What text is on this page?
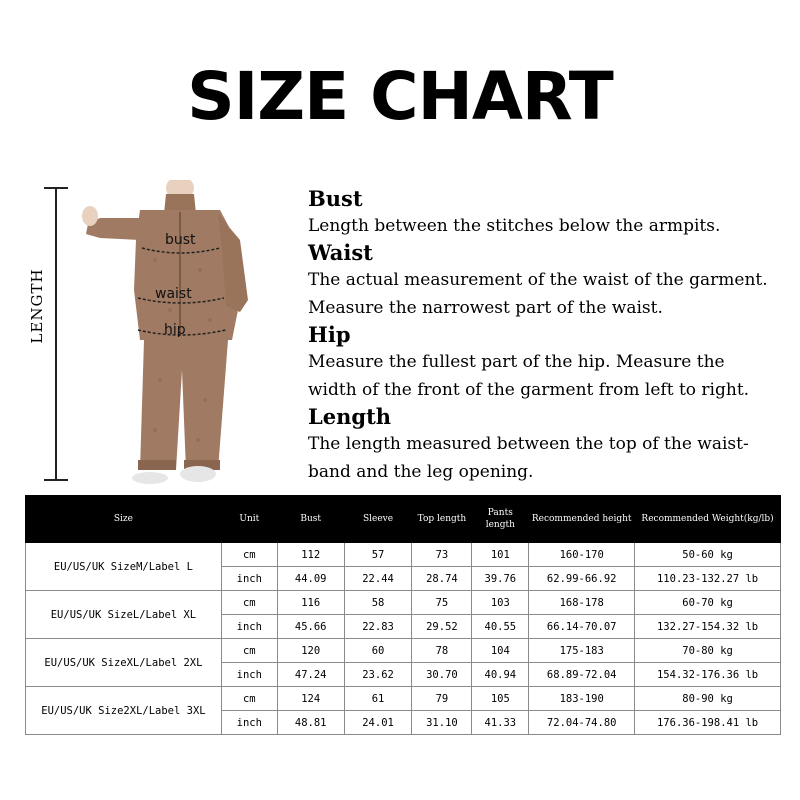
SIZE CHART
LENGTH
bust
waist
hip
Bust
Length between the stitches below the armpits.
Waist
The actual measurement of the waist of the garment.
Measure the narrowest part of the waist.
Hip
Measure the fullest part of the hip. Measure the
width of the front of the garment from left to right.
Length
The length measured between the top of the waist-
band and the leg opening.
Size	Unit	Bust	Sleeve	Top length	Pants length	Recommended height	Recommended Weight(kg/lb)
EU/US/UK SizeM/Label L	cm	112	57	73	101	160-170	50-60 kg
	inch	44.09	22.44	28.74	39.76	62.99-66.92	110.23-132.27 lb
EU/US/UK SizeL/Label XL	cm	116	58	75	103	168-178	60-70 kg
	inch	45.66	22.83	29.52	40.55	66.14-70.07	132.27-154.32 lb
EU/US/UK SizeXL/Label 2XL	cm	120	60	78	104	175-183	70-80 kg
	inch	47.24	23.62	30.70	40.94	68.89-72.04	154.32-176.36 lb
EU/US/UK Size2XL/Label 3XL	cm	124	61	79	105	183-190	80-90 kg
	inch	48.81	24.01	31.10	41.33	72.04-74.80	176.36-198.41 lb
